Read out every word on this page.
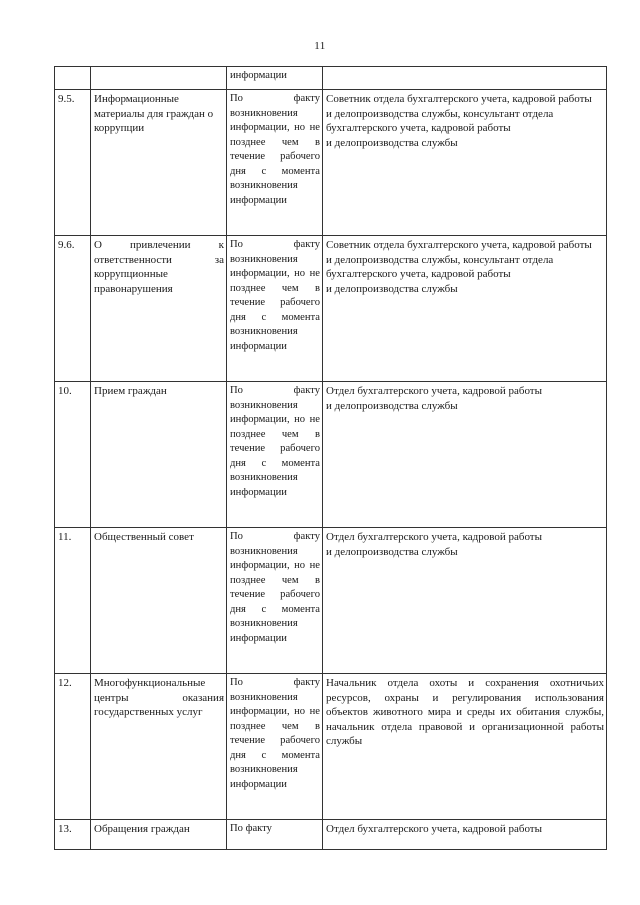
11
		информации	
9.5.	Информационные материалы для граждан о коррупции	По факту возникновения информации, но не позднее чем в течение рабочего дня с момента возникновения информации	Советник отдела бухгалтерского учета, кадровой работы
и делопроизводства службы, консультант отдела бухгалтерского учета, кадровой работы
и делопроизводства службы

9.6.	О привлечении к ответственности за коррупционные правонарушения	По факту возникновения информации, но не позднее чем в течение рабочего дня с момента возникновения информации	Советник отдела бухгалтерского учета, кадровой работы
и делопроизводства службы, консультант отдела бухгалтерского учета, кадровой работы
и делопроизводства службы

10.	Прием граждан	По факту возникновения информации, но не позднее чем в течение рабочего дня с момента возникновения информации	Отдел бухгалтерского учета, кадровой работы
и делопроизводства службы

11.	Общественный совет	По факту возникновения информации, но не позднее чем в течение рабочего дня с момента возникновения информации	Отдел бухгалтерского учета, кадровой работы
и делопроизводства службы

12.	Многофункциональные центры оказания государственных услуг	По факту возникновения информации, но не позднее чем в течение рабочего дня с момента возникновения информации	Начальник отдела охоты и сохранения охотничьих ресурсов, охраны и регулирования использования объектов животного мира и среды их обитания службы, начальник отдела правовой и организационной работы службы

13.	Обращения граждан	По факту	Отдел бухгалтерского учета, кадровой работы
